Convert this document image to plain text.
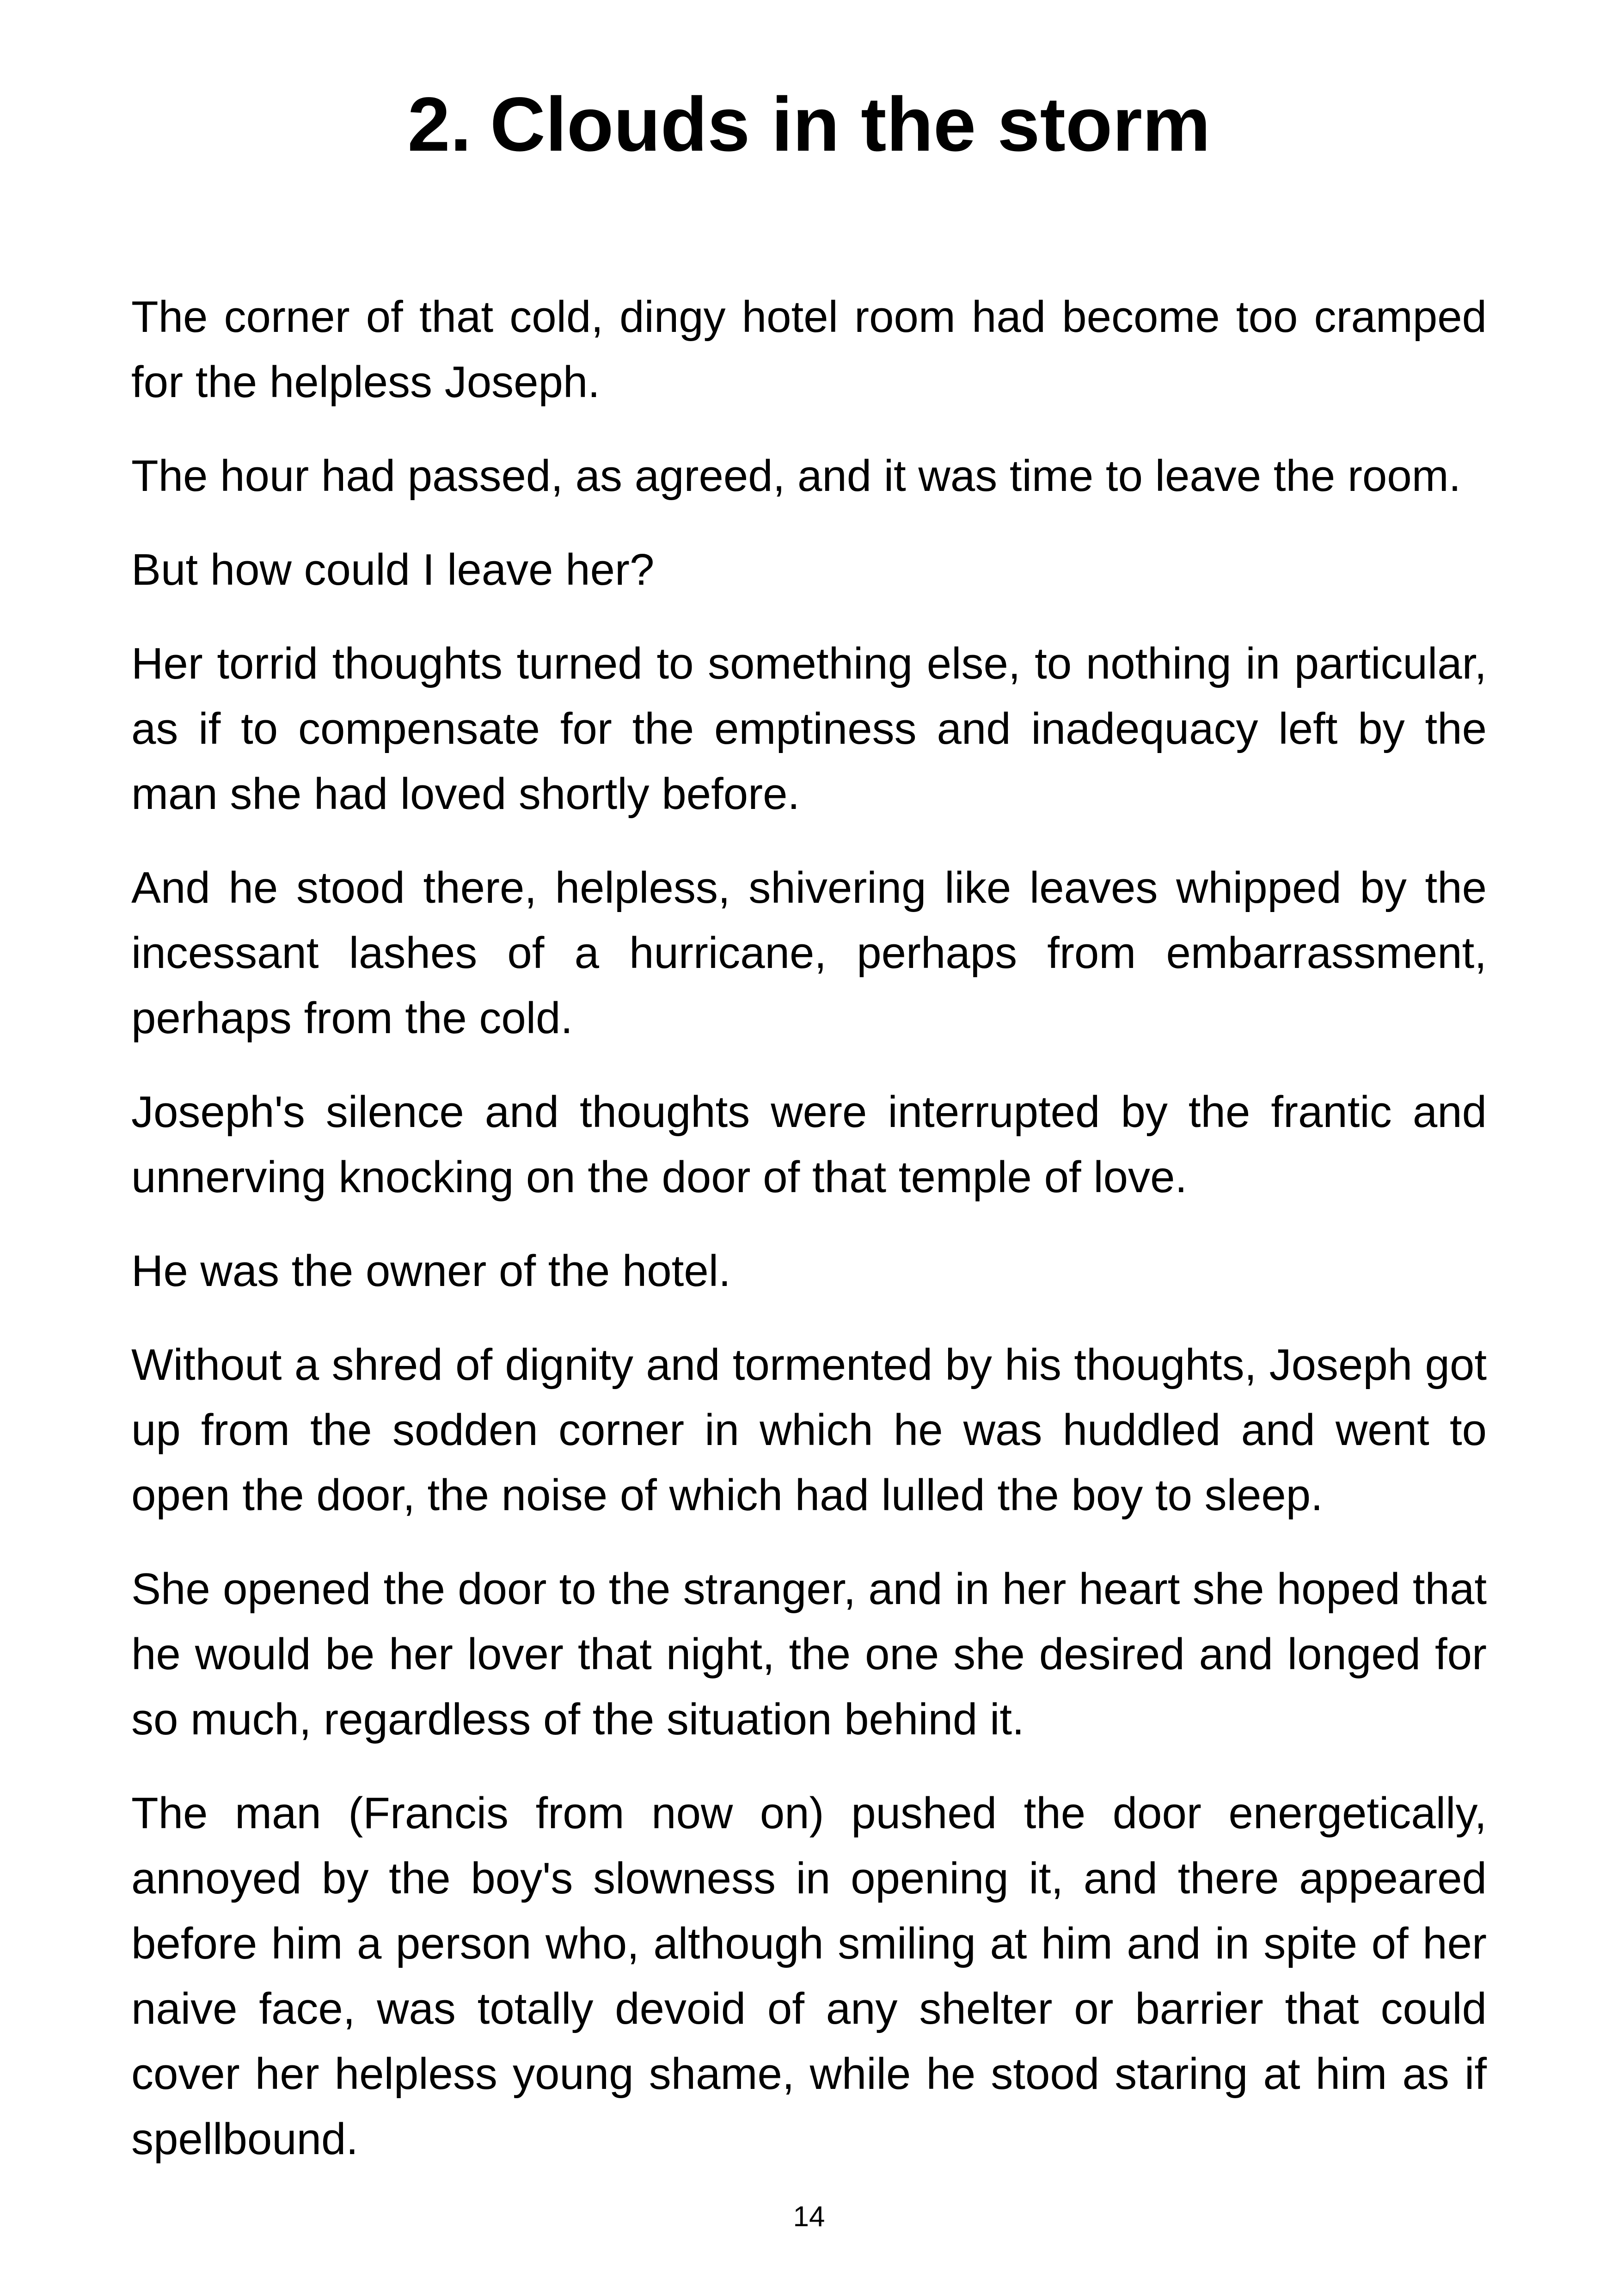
2. Clouds in the storm

The corner of that cold, dingy hotel room had become too cramped for the helpless Joseph.

The hour had passed, as agreed, and it was time to leave the room.

But how could I leave her?

Her torrid thoughts turned to something else, to nothing in particular, as if to compensate for the emptiness and inadequacy left by the man she had loved shortly before.

And he stood there, helpless, shivering like leaves whipped by the incessant lashes of a hurricane, perhaps from embarrassment, perhaps from the cold.

Joseph's silence and thoughts were interrupted by the frantic and unnerving knocking on the door of that temple of love.

He was the owner of the hotel.

Without a shred of dignity and tormented by his thoughts, Joseph got up from the sodden corner in which he was huddled and went to open the door, the noise of which had lulled the boy to sleep.

She opened the door to the stranger, and in her heart she hoped that he would be her lover that night, the one she desired and longed for so much, regardless of the situation behind it.

The man (Francis from now on) pushed the door energetically, annoyed by the boy's slowness in opening it, and there appeared before him a person who, although smiling at him and in spite of her naive face, was totally devoid of any shelter or barrier that could cover her helpless young shame, while he stood staring at him as if spellbound.

14
